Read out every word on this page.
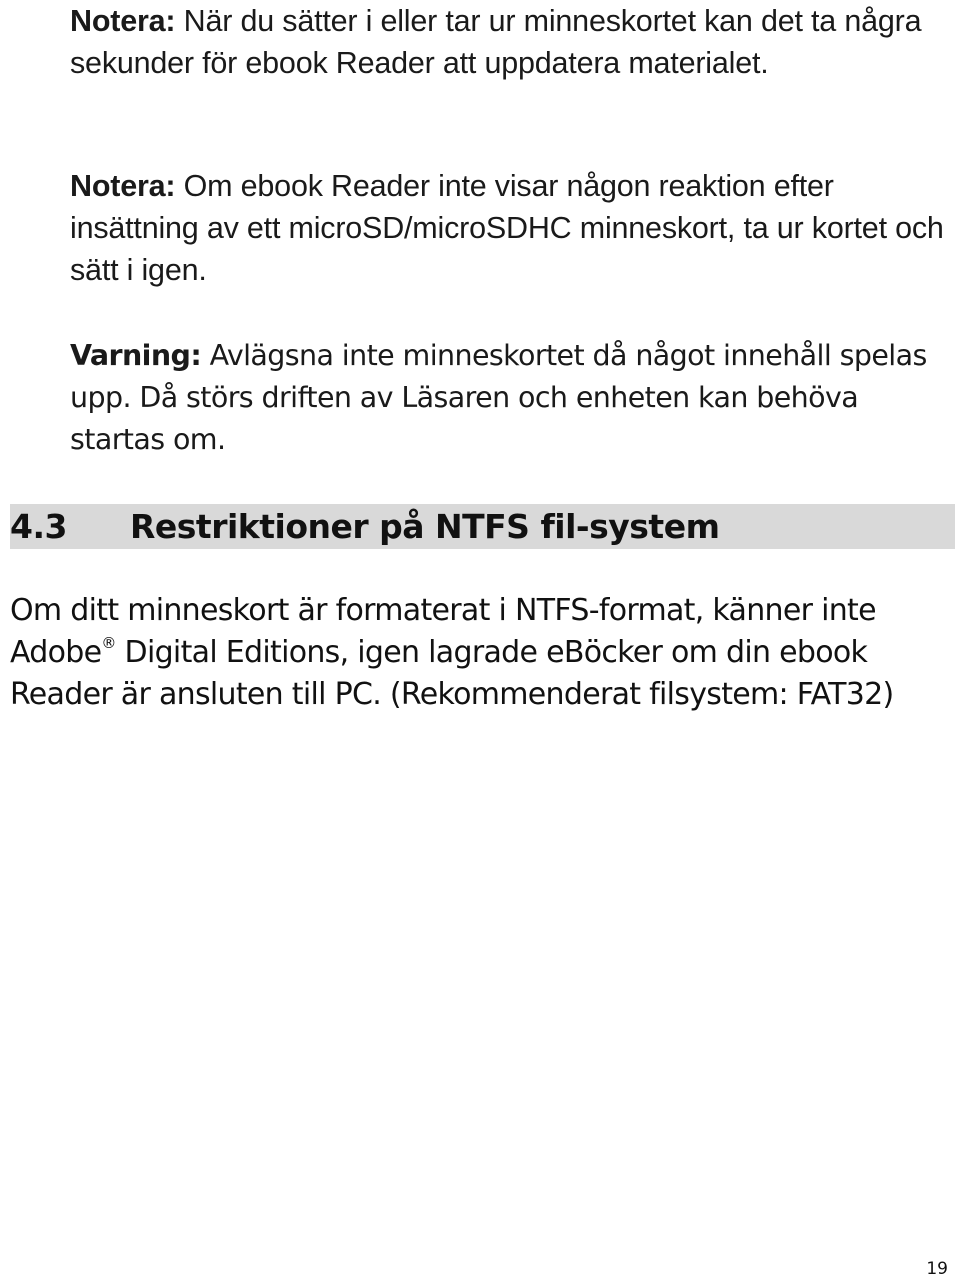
Notera: När du sätter i eller tar ur minneskortet kan det ta några sekunder för ebook Reader att uppdatera materialet.
Notera: Om ebook Reader inte visar någon reaktion efter insättning av ett microSD/microSDHC minneskort, ta ur kortet och sätt i igen.
Varning: Avlägsna inte minneskortet då något innehåll spelas upp. Då störs driften av Läsaren och enheten kan behöva startas om.
4.3 Restriktioner på NTFS fil-system
Om ditt minneskort är formaterat i NTFS-format, känner inte Adobe® Digital Editions, igen lagrade eBöcker om din ebook Reader är ansluten till PC. (Rekommenderat filsystem: FAT32)
19
